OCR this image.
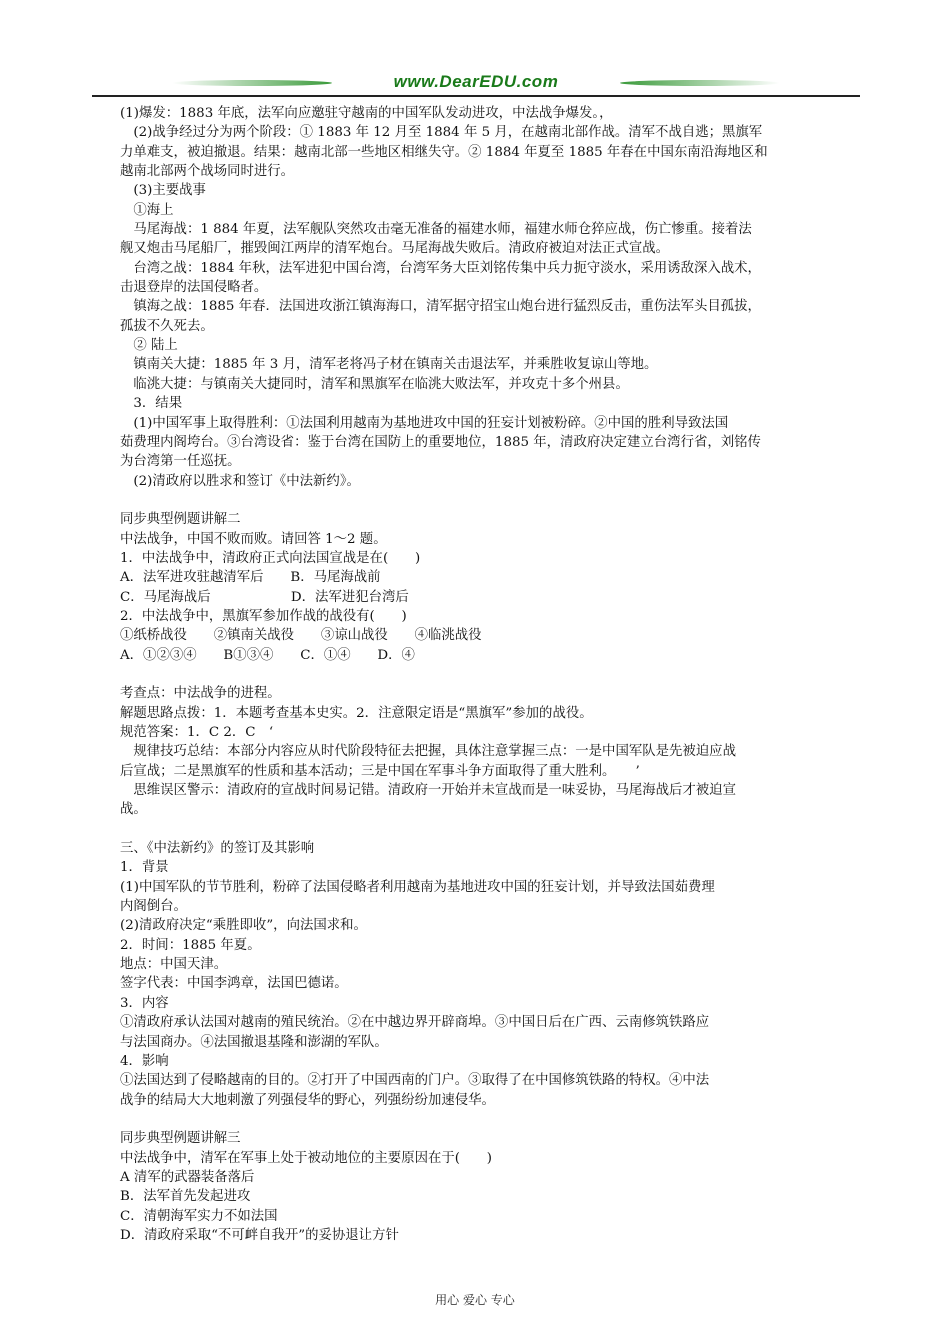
www.DearEDU.com

(1)爆发：1883 年底，法军向应邀驻守越南的中国军队发动进攻，中法战争爆发。，

　(2)战争经过分为两个阶段：① 1883 年 12 月至 1884 年 5 月，在越南北部作战。清军不战自逃；黑旗军

力单难支，被迫撤退。结果：越南北部一些地区相继失守。② 1884 年夏至 1885 年春在中国东南沿海地区和

越南北部两个战场同时进行。

　(3)主要战事

　①海上

　马尾海战：1 884 年夏，法军舰队突然攻击毫无准备的福建水师，福建水师仓猝应战，伤亡惨重。接着法

舰又炮击马尾船厂，摧毁闽江两岸的清军炮台。马尾海战失败后。清政府被迫对法正式宣战。

　台湾之战：1884 年秋，法军进犯中国台湾，台湾军务大臣刘铭传集中兵力扼守淡水，采用诱敌深入战术，

击退登岸的法国侵略者。

　镇海之战：1885 年春．法国进攻浙江镇海海口，清军据守招宝山炮台进行猛烈反击，重伤法军头目孤拔，

孤拔不久死去。

　② 陆上

　镇南关大捷：1885 年 3 月，清军老将冯子材在镇南关击退法军，并乘胜收复谅山等地。

　临洮大捷：与镇南关大捷同时，清军和黑旗军在临洮大败法军，并攻克十多个州县。

　3．结果

　(1)中国军事上取得胜利：①法国利用越南为基地进攻中国的狂妄计划被粉碎。②中国的胜利导致法国

茹费理内阁垮台。③台湾设省：鉴于台湾在国防上的重要地位，1885 年，清政府决定建立台湾行省，刘铭传

为台湾第一任巡抚。

　(2)清政府以胜求和签订《中法新约》。

同步典型例题讲解二

中法战争，中国不败而败。请回答 1～2 题。

1．中法战争中，清政府正式向法国宣战是在(　　)

A．法军进攻驻越清军后　　B．马尾海战前

C．马尾海战后　　　　　　D．法军进犯台湾后

2．中法战争中，黑旗军参加作战的战役有(　　)

①纸桥战役　　②镇南关战役　　③谅山战役　　④临洮战役

A．①②③④　　B①③④　　C．①④　　D．④

考查点：中法战争的进程。

解题思路点拨：1．本题考查基本史实。2．注意限定语是“黑旗军”参加的战役。

规范答案：1．C 2．C　‘

　规律技巧总结：本部分内容应从时代阶段特征去把握，具体注意掌握三点：一是中国军队是先被迫应战

后宣战；二是黑旗军的性质和基本活动；三是中国在军事斗争方面取得了重大胜利。　　’

　思维误区警示：清政府的宣战时间易记错。清政府一开始并未宣战而是一味妥协，马尾海战后才被迫宣

战。

三、《中法新约》的签订及其影响

1．背景

(1)中国军队的节节胜利，粉碎了法国侵略者利用越南为基地进攻中国的狂妄计划，并导致法国茹费理

内阁倒台。

(2)清政府决定“乘胜即收”，向法国求和。

2．时间：1885 年夏。

地点：中国天津。

签字代表：中国李鸿章，法国巴德诺。

3．内容

①清政府承认法国对越南的殖民统治。②在中越边界开辟商埠。③中国日后在广西、云南修筑铁路应

与法国商办。④法国撤退基隆和澎湖的军队。

4．影响

①法国达到了侵略越南的目的。②打开了中国西南的门户。③取得了在中国修筑铁路的特权。④中法

战争的结局大大地刺激了列强侵华的野心，列强纷纷加速侵华。

同步典型例题讲解三

中法战争中，清军在军事上处于被动地位的主要原因在于(　　)

A 清军的武器装备落后

B．法军首先发起进攻

C．清朝海军实力不如法国

D．清政府采取“不可衅自我开”的妥协退让方针

用心 爱心 专心
